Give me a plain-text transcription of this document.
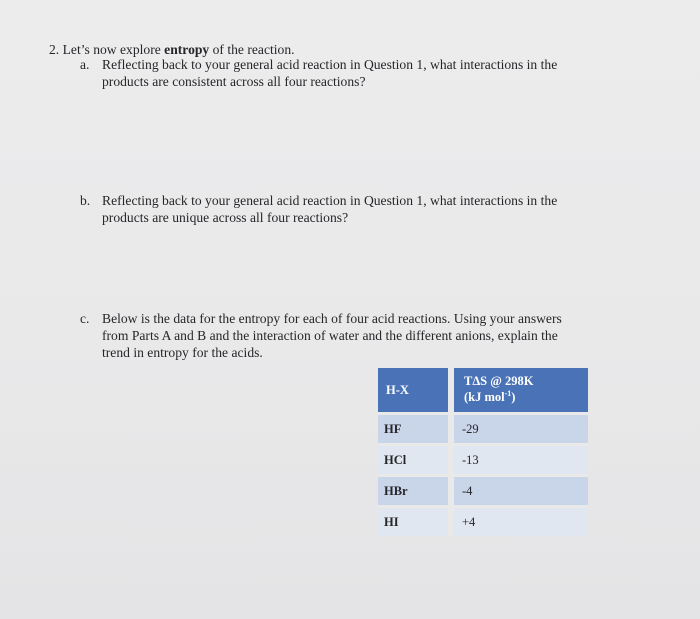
2. Let’s now explore entropy of the reaction.
a. Reflecting back to your general acid reaction in Question 1, what interactions in the
products are consistent across all four reactions?
b. Reflecting back to your general acid reaction in Question 1, what interactions in the
products are unique across all four reactions?
c. Below is the data for the entropy for each of four acid reactions. Using your answers
from Parts A and B and the interaction of water and the different anions, explain the
trend in entropy for the acids.
H-X	TΔS @ 298K
(kJ mol$^{-1}$)

HF	-29

HCl	-13

HBr	-4

HI	+4
